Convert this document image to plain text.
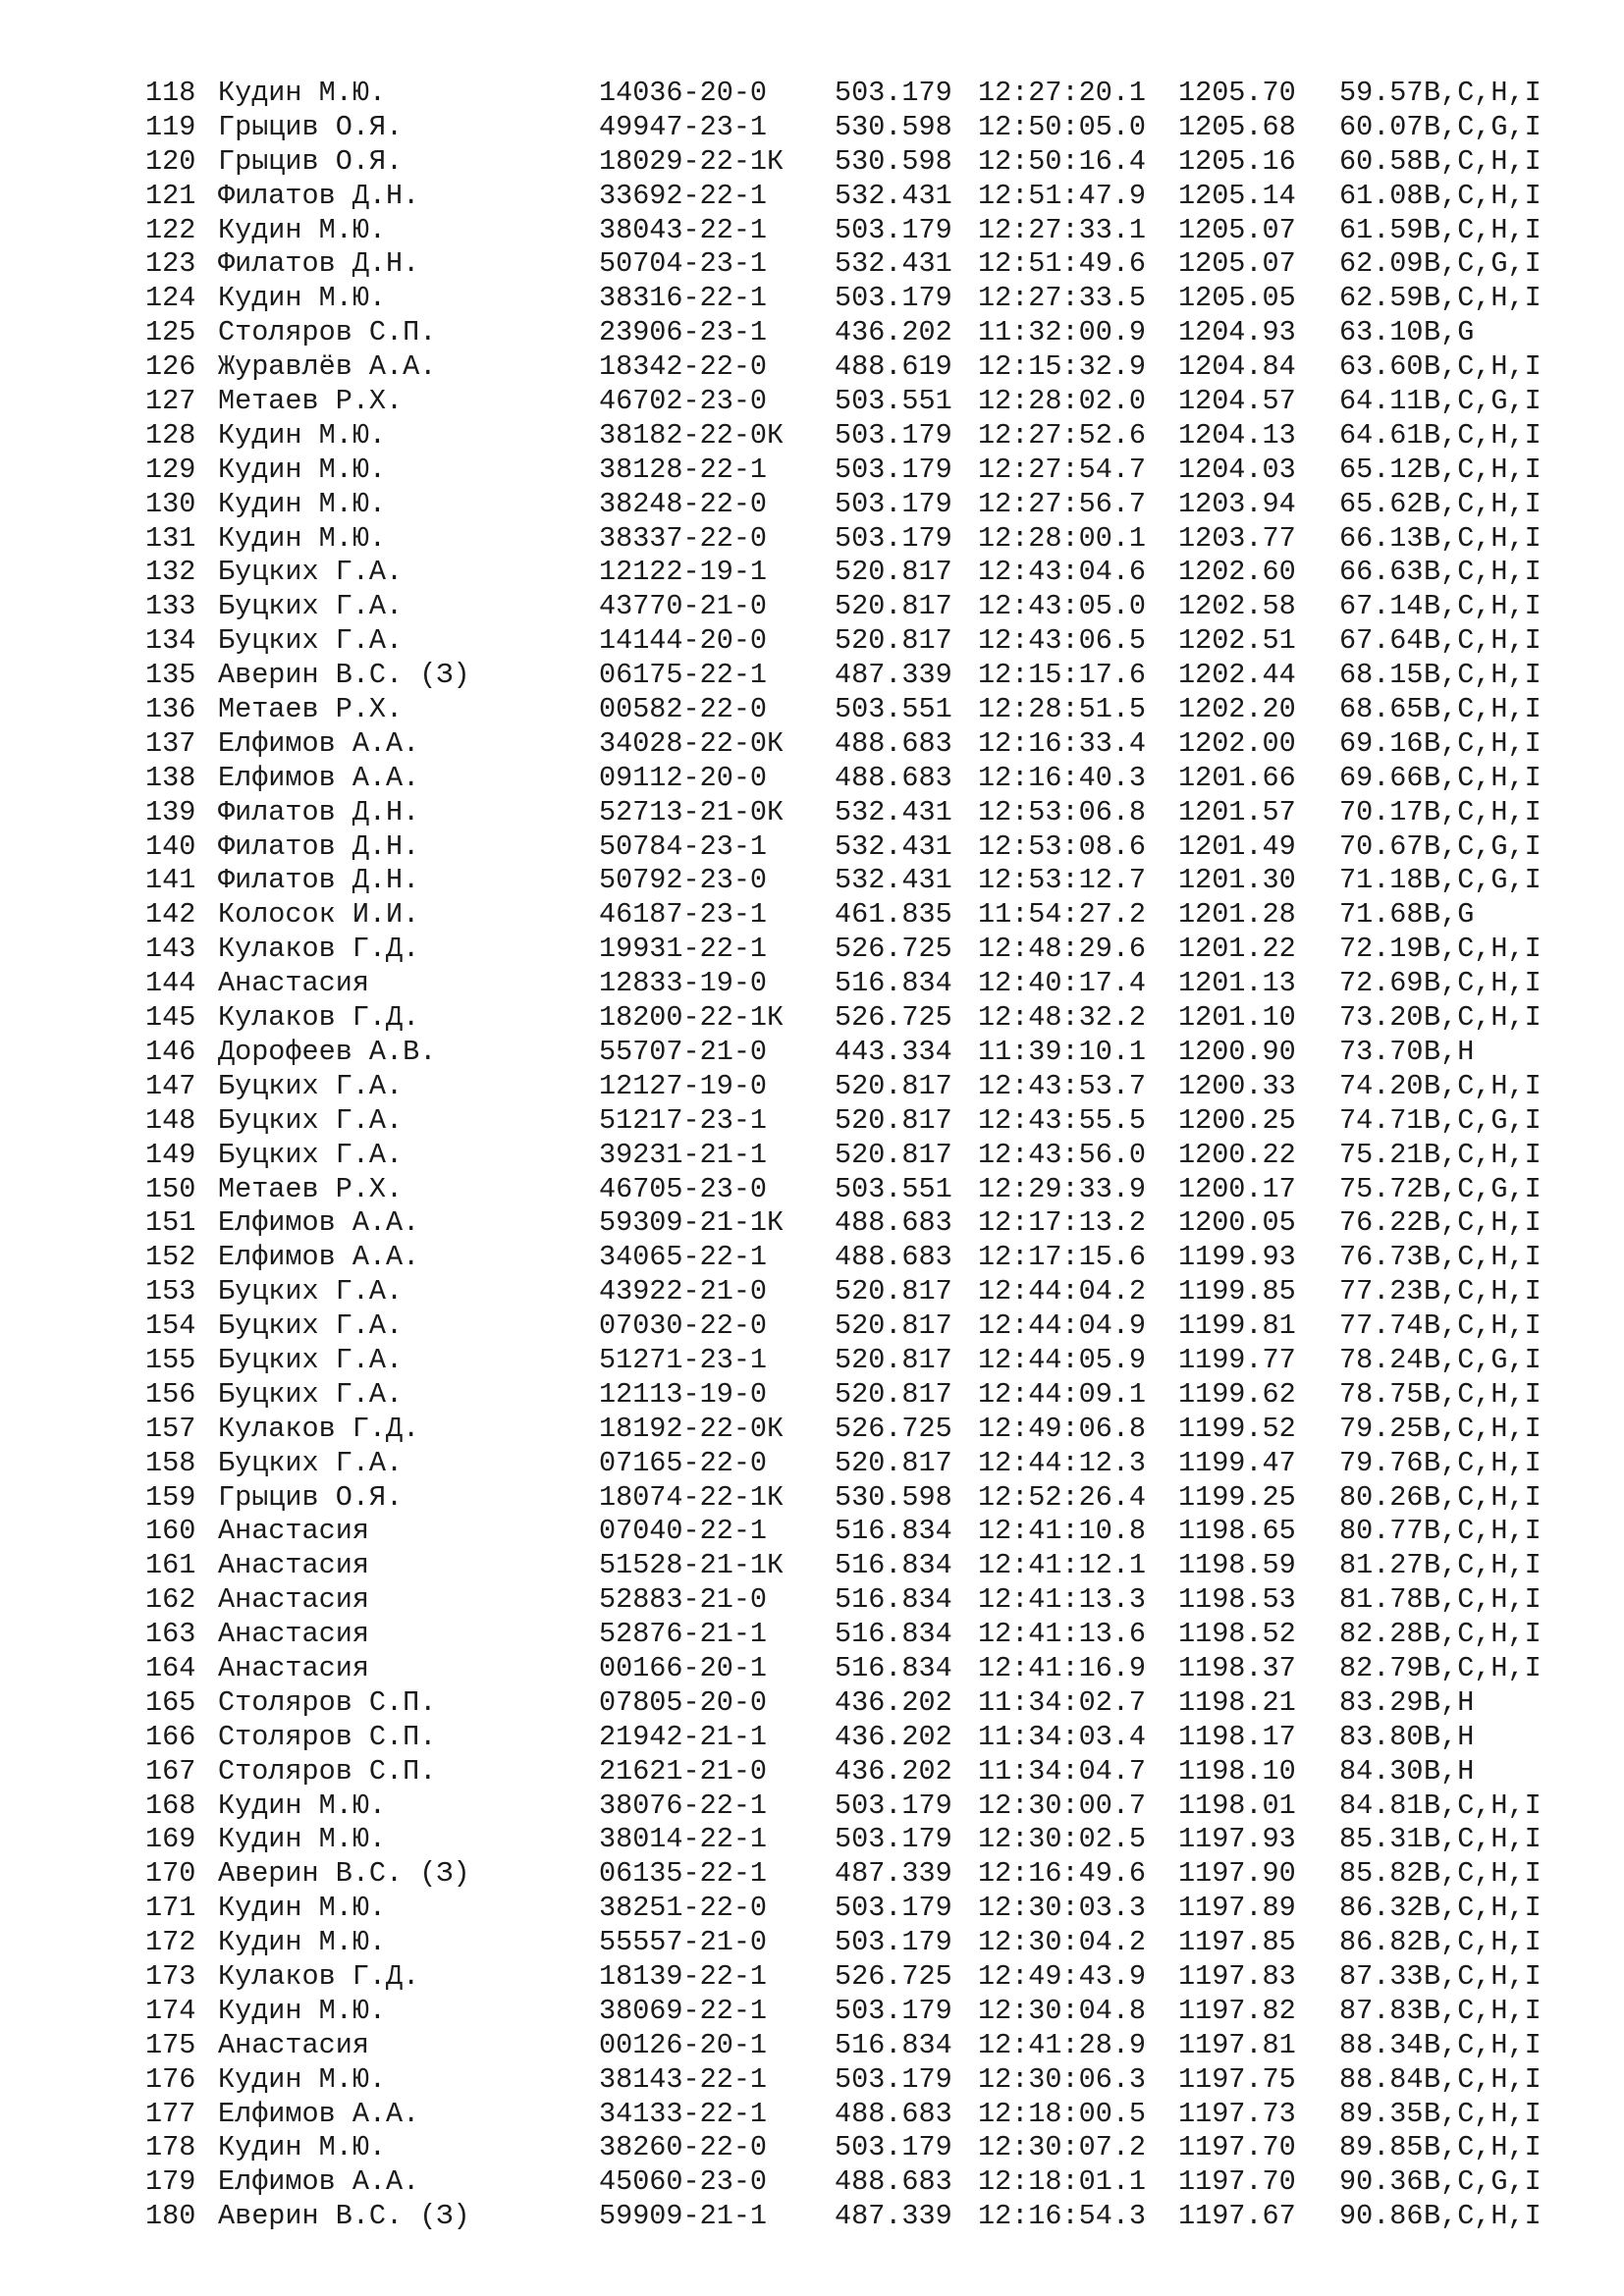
118 Кудин М.Ю.	14036-20-0 503.179 12:27:20.1 1205.70 59.57 B,C,H,I
119 Грыцив О.Я.	49947-23-1 530.598 12:50:05.0 1205.68 60.07 B,C,G,I
120 Грыцив О.Я.	18029-22-1К 530.598 12:50:16.4 1205.16 60.58 B,C,H,I
121 Филатов Д.Н.	33692-22-1 532.431 12:51:47.9 1205.14 61.08 B,C,H,I
122 Кудин М.Ю.	38043-22-1 503.179 12:27:33.1 1205.07 61.59 B,C,H,I
123 Филатов Д.Н.	50704-23-1 532.431 12:51:49.6 1205.07 62.09 B,C,G,I
124 Кудин М.Ю.	38316-22-1 503.179 12:27:33.5 1205.05 62.59 B,C,H,I
125 Столяров С.П.	23906-23-1 436.202 11:32:00.9 1204.93 63.10 B,G
126 Журавлёв А.А.	18342-22-0 488.619 12:15:32.9 1204.84 63.60 B,C,H,I
127 Метаев Р.Х.	46702-23-0 503.551 12:28:02.0 1204.57 64.11 B,C,G,I
128 Кудин М.Ю.	38182-22-0К 503.179 12:27:52.6 1204.13 64.61 B,C,H,I
129 Кудин М.Ю.	38128-22-1 503.179 12:27:54.7 1204.03 65.12 B,C,H,I
130 Кудин М.Ю.	38248-22-0 503.179 12:27:56.7 1203.94 65.62 B,C,H,I
131 Кудин М.Ю.	38337-22-0 503.179 12:28:00.1 1203.77 66.13 B,C,H,I
132 Буцких Г.А.	12122-19-1 520.817 12:43:04.6 1202.60 66.63 B,C,H,I
133 Буцких Г.А.	43770-21-0 520.817 12:43:05.0 1202.58 67.14 B,C,H,I
134 Буцких Г.А.	14144-20-0 520.817 12:43:06.5 1202.51 67.64 B,C,H,I
135 Аверин В.С. (З)	06175-22-1 487.339 12:15:17.6 1202.44 68.15 B,C,H,I
136 Метаев Р.Х.	00582-22-0 503.551 12:28:51.5 1202.20 68.65 B,C,H,I
137 Елфимов А.А.	34028-22-0К 488.683 12:16:33.4 1202.00 69.16 B,C,H,I
138 Елфимов А.А.	09112-20-0 488.683 12:16:40.3 1201.66 69.66 B,C,H,I
139 Филатов Д.Н.	52713-21-0К 532.431 12:53:06.8 1201.57 70.17 B,C,H,I
140 Филатов Д.Н.	50784-23-1 532.431 12:53:08.6 1201.49 70.67 B,C,G,I
141 Филатов Д.Н.	50792-23-0 532.431 12:53:12.7 1201.30 71.18 B,C,G,I
142 Колосок И.И.	46187-23-1 461.835 11:54:27.2 1201.28 71.68 B,G
143 Кулаков Г.Д.	19931-22-1 526.725 12:48:29.6 1201.22 72.19 B,C,H,I
144 Анастасия	12833-19-0 516.834 12:40:17.4 1201.13 72.69 B,C,H,I
145 Кулаков Г.Д.	18200-22-1К 526.725 12:48:32.2 1201.10 73.20 B,C,H,I
146 Дорофеев А.В.	55707-21-0 443.334 11:39:10.1 1200.90 73.70 B,H
147 Буцких Г.А.	12127-19-0 520.817 12:43:53.7 1200.33 74.20 B,C,H,I
148 Буцких Г.А.	51217-23-1 520.817 12:43:55.5 1200.25 74.71 B,C,G,I
149 Буцких Г.А.	39231-21-1 520.817 12:43:56.0 1200.22 75.21 B,C,H,I
150 Метаев Р.Х.	46705-23-0 503.551 12:29:33.9 1200.17 75.72 B,C,G,I
151 Елфимов А.А.	59309-21-1К 488.683 12:17:13.2 1200.05 76.22 B,C,H,I
152 Елфимов А.А.	34065-22-1 488.683 12:17:15.6 1199.93 76.73 B,C,H,I
153 Буцких Г.А.	43922-21-0 520.817 12:44:04.2 1199.85 77.23 B,C,H,I
154 Буцких Г.А.	07030-22-0 520.817 12:44:04.9 1199.81 77.74 B,C,H,I
155 Буцких Г.А.	51271-23-1 520.817 12:44:05.9 1199.77 78.24 B,C,G,I
156 Буцких Г.А.	12113-19-0 520.817 12:44:09.1 1199.62 78.75 B,C,H,I
157 Кулаков Г.Д.	18192-22-0К 526.725 12:49:06.8 1199.52 79.25 B,C,H,I
158 Буцких Г.А.	07165-22-0 520.817 12:44:12.3 1199.47 79.76 B,C,H,I
159 Грыцив О.Я.	18074-22-1К 530.598 12:52:26.4 1199.25 80.26 B,C,H,I
160 Анастасия	07040-22-1 516.834 12:41:10.8 1198.65 80.77 B,C,H,I
161 Анастасия	51528-21-1К 516.834 12:41:12.1 1198.59 81.27 B,C,H,I
162 Анастасия	52883-21-0 516.834 12:41:13.3 1198.53 81.78 B,C,H,I
163 Анастасия	52876-21-1 516.834 12:41:13.6 1198.52 82.28 B,C,H,I
164 Анастасия	00166-20-1 516.834 12:41:16.9 1198.37 82.79 B,C,H,I
165 Столяров С.П.	07805-20-0 436.202 11:34:02.7 1198.21 83.29 B,H
166 Столяров С.П.	21942-21-1 436.202 11:34:03.4 1198.17 83.80 B,H
167 Столяров С.П.	21621-21-0 436.202 11:34:04.7 1198.10 84.30 B,H
168 Кудин М.Ю.	38076-22-1 503.179 12:30:00.7 1198.01 84.81 B,C,H,I
169 Кудин М.Ю.	38014-22-1 503.179 12:30:02.5 1197.93 85.31 B,C,H,I
170 Аверин В.С. (З)	06135-22-1 487.339 12:16:49.6 1197.90 85.82 B,C,H,I
171 Кудин М.Ю.	38251-22-0 503.179 12:30:03.3 1197.89 86.32 B,C,H,I
172 Кудин М.Ю.	55557-21-0 503.179 12:30:04.2 1197.85 86.82 B,C,H,I
173 Кулаков Г.Д.	18139-22-1 526.725 12:49:43.9 1197.83 87.33 B,C,H,I
174 Кудин М.Ю.	38069-22-1 503.179 12:30:04.8 1197.82 87.83 B,C,H,I
175 Анастасия	00126-20-1 516.834 12:41:28.9 1197.81 88.34 B,C,H,I
176 Кудин М.Ю.	38143-22-1 503.179 12:30:06.3 1197.75 88.84 B,C,H,I
177 Елфимов А.А.	34133-22-1 488.683 12:18:00.5 1197.73 89.35 B,C,H,I
178 Кудин М.Ю.	38260-22-0 503.179 12:30:07.2 1197.70 89.85 B,C,H,I
179 Елфимов А.А.	45060-23-0 488.683 12:18:01.1 1197.70 90.36 B,C,G,I
180 Аверин В.С. (З)	59909-21-1 487.339 12:16:54.3 1197.67 90.86 B,C,H,I
